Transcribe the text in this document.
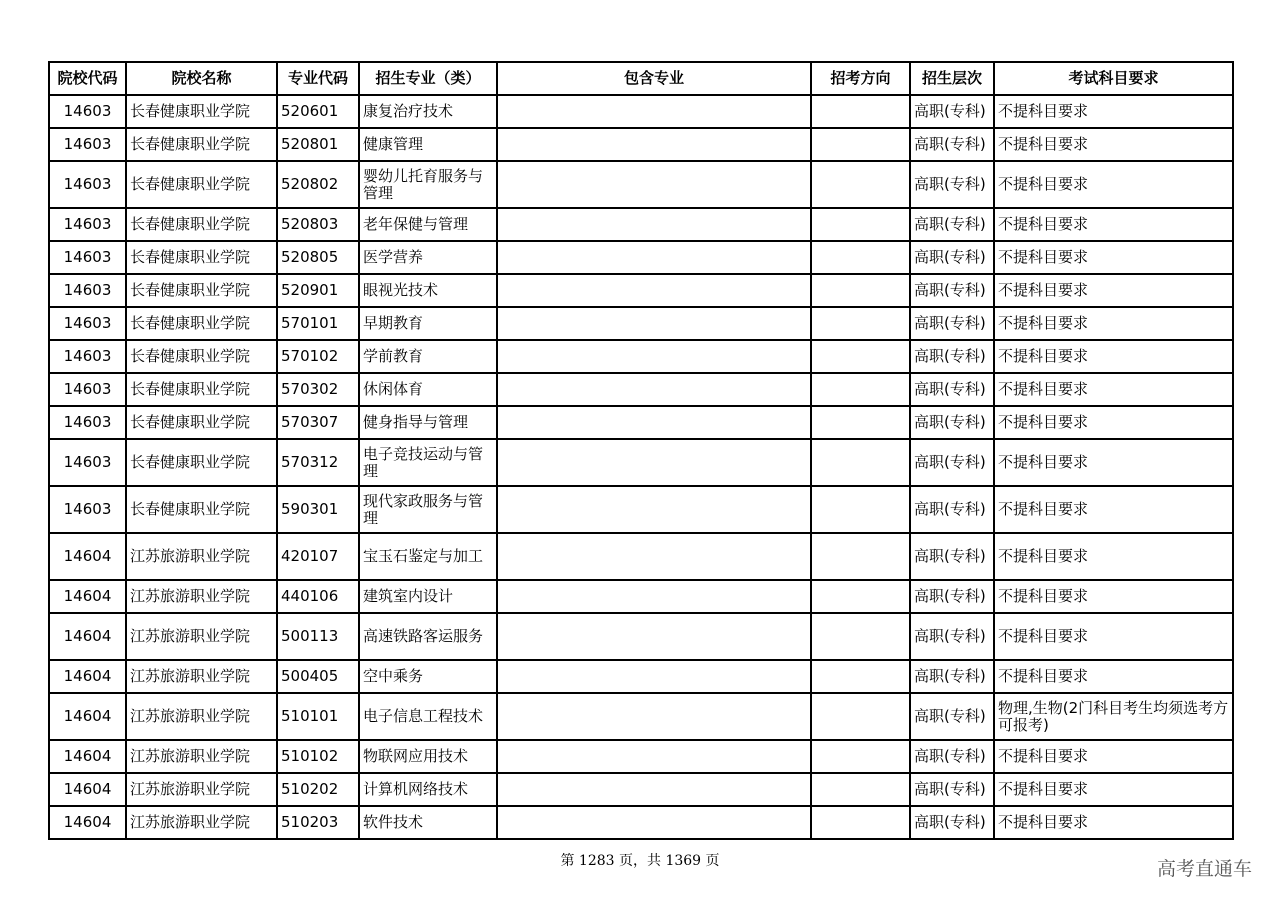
院校代码	院校名称	专业代码	招生专业（类）	包含专业	招考方向	招生层次	考试科目要求
14603	长春健康职业学院	520601	康复治疗技术			高职(专科)	不提科目要求
14603	长春健康职业学院	520801	健康管理			高职(专科)	不提科目要求
14603	长春健康职业学院	520802	婴幼儿托育服务与管理			高职(专科)	不提科目要求
14603	长春健康职业学院	520803	老年保健与管理			高职(专科)	不提科目要求
14603	长春健康职业学院	520805	医学营养			高职(专科)	不提科目要求
14603	长春健康职业学院	520901	眼视光技术			高职(专科)	不提科目要求
14603	长春健康职业学院	570101	早期教育			高职(专科)	不提科目要求
14603	长春健康职业学院	570102	学前教育			高职(专科)	不提科目要求
14603	长春健康职业学院	570302	休闲体育			高职(专科)	不提科目要求
14603	长春健康职业学院	570307	健身指导与管理			高职(专科)	不提科目要求
14603	长春健康职业学院	570312	电子竞技运动与管理			高职(专科)	不提科目要求
14603	长春健康职业学院	590301	现代家政服务与管理			高职(专科)	不提科目要求
14604	江苏旅游职业学院	420107	宝玉石鉴定与加工			高职(专科)	不提科目要求
14604	江苏旅游职业学院	440106	建筑室内设计			高职(专科)	不提科目要求
14604	江苏旅游职业学院	500113	高速铁路客运服务			高职(专科)	不提科目要求
14604	江苏旅游职业学院	500405	空中乘务			高职(专科)	不提科目要求
14604	江苏旅游职业学院	510101	电子信息工程技术			高职(专科)	物理,生物(2门科目考生均须选考方可报考)
14604	江苏旅游职业学院	510102	物联网应用技术			高职(专科)	不提科目要求
14604	江苏旅游职业学院	510202	计算机网络技术			高职(专科)	不提科目要求
14604	江苏旅游职业学院	510203	软件技术			高职(专科)	不提科目要求
第 1283 页，共 1369 页	高考直通车
